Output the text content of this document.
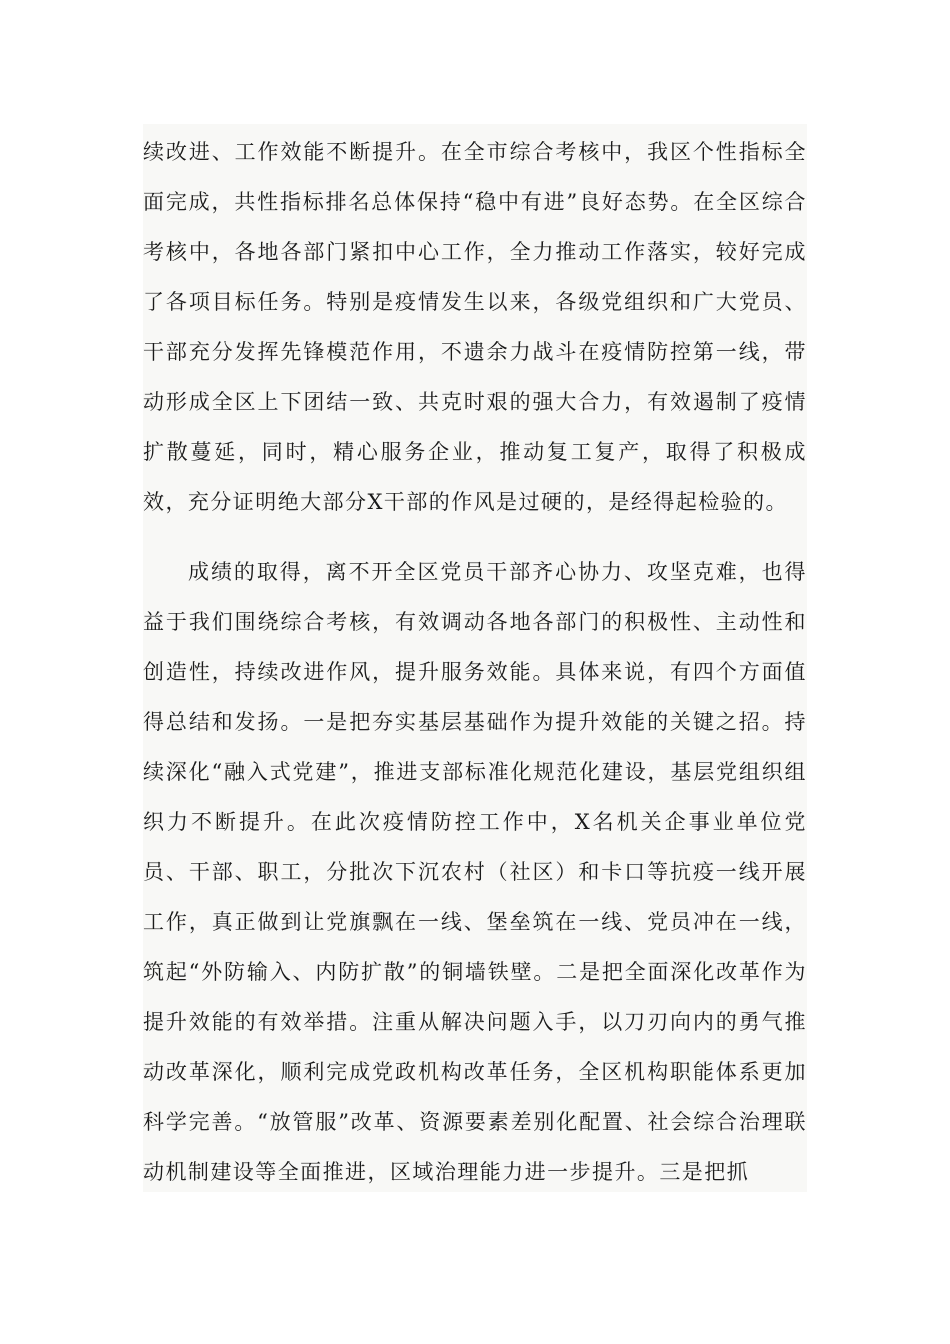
续改进、工作效能不断提升。在全市综合考核中，我区个性指标全面完成，共性指标排名总体保持“稳中有进”良好态势。在全区综合考核中，各地各部门紧扣中心工作，全力推动工作落实，较好完成了各项目标任务。特别是疫情发生以来，各级党组织和广大党员、干部充分发挥先锋模范作用，不遗余力战斗在疫情防控第一线，带动形成全区上下团结一致、共克时艰的强大合力，有效遏制了疫情扩散蔓延，同时，精心服务企业，推动复工复产，取得了积极成效，充分证明绝大部分X干部的作风是过硬的，是经得起检验的。

成绩的取得，离不开全区党员干部齐心协力、攻坚克难，也得益于我们围绕综合考核，有效调动各地各部门的积极性、主动性和创造性，持续改进作风，提升服务效能。具体来说，有四个方面值得总结和发扬。一是把夯实基层基础作为提升效能的关键之招。持续深化“融入式党建”，推进支部标准化规范化建设，基层党组织组织力不断提升。在此次疫情防控工作中，X名机关企事业单位党员、干部、职工，分批次下沉农村（社区）和卡口等抗疫一线开展工作，真正做到让党旗飘在一线、堡垒筑在一线、党员冲在一线，筑起“外防输入、内防扩散”的铜墙铁壁。二是把全面深化改革作为提升效能的有效举措。注重从解决问题入手，以刀刃向内的勇气推动改革深化，顺利完成党政机构改革任务，全区机构职能体系更加科学完善。“放管服”改革、资源要素差别化配置、社会综合治理联动机制建设等全面推进，区域治理能力进一步提升。三是把抓
